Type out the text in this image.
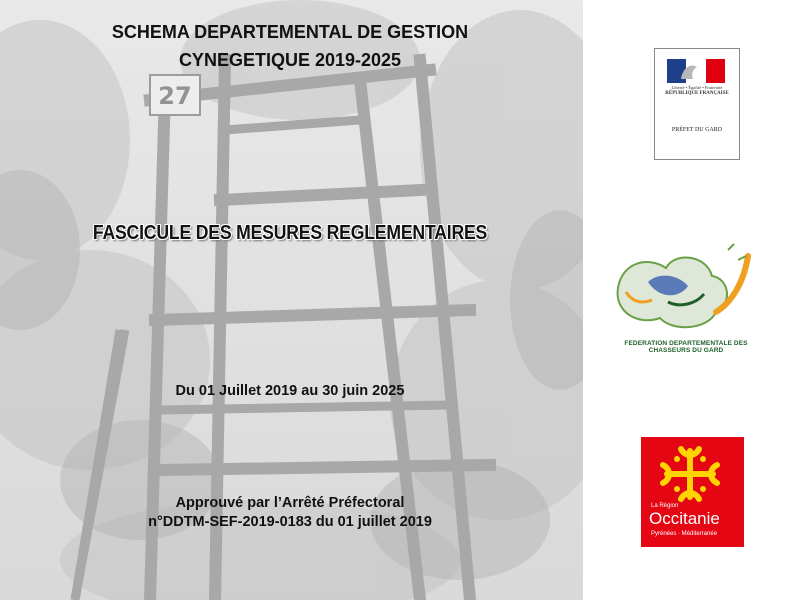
27
SCHEMA DEPARTEMENTAL DE GESTION
CYNEGETIQUE 2019-2025
FASCICULE DES MESURES REGLEMENTAIRES
Du 01 Juillet 2019 au 30 juin 2025
Approuvé par l’Arrêté Préfectoral
n°DDTM-SEF-2019-0183 du 01 juillet 2019
Liberté • Égalité • Fraternité
RÉPUBLIQUE FRANÇAISE
PRÉFET DU GARD
FEDERATION DEPARTEMENTALE DES CHASSEURS DU GARD
La Région
Occitanie
Pyrénées · Méditerranée
